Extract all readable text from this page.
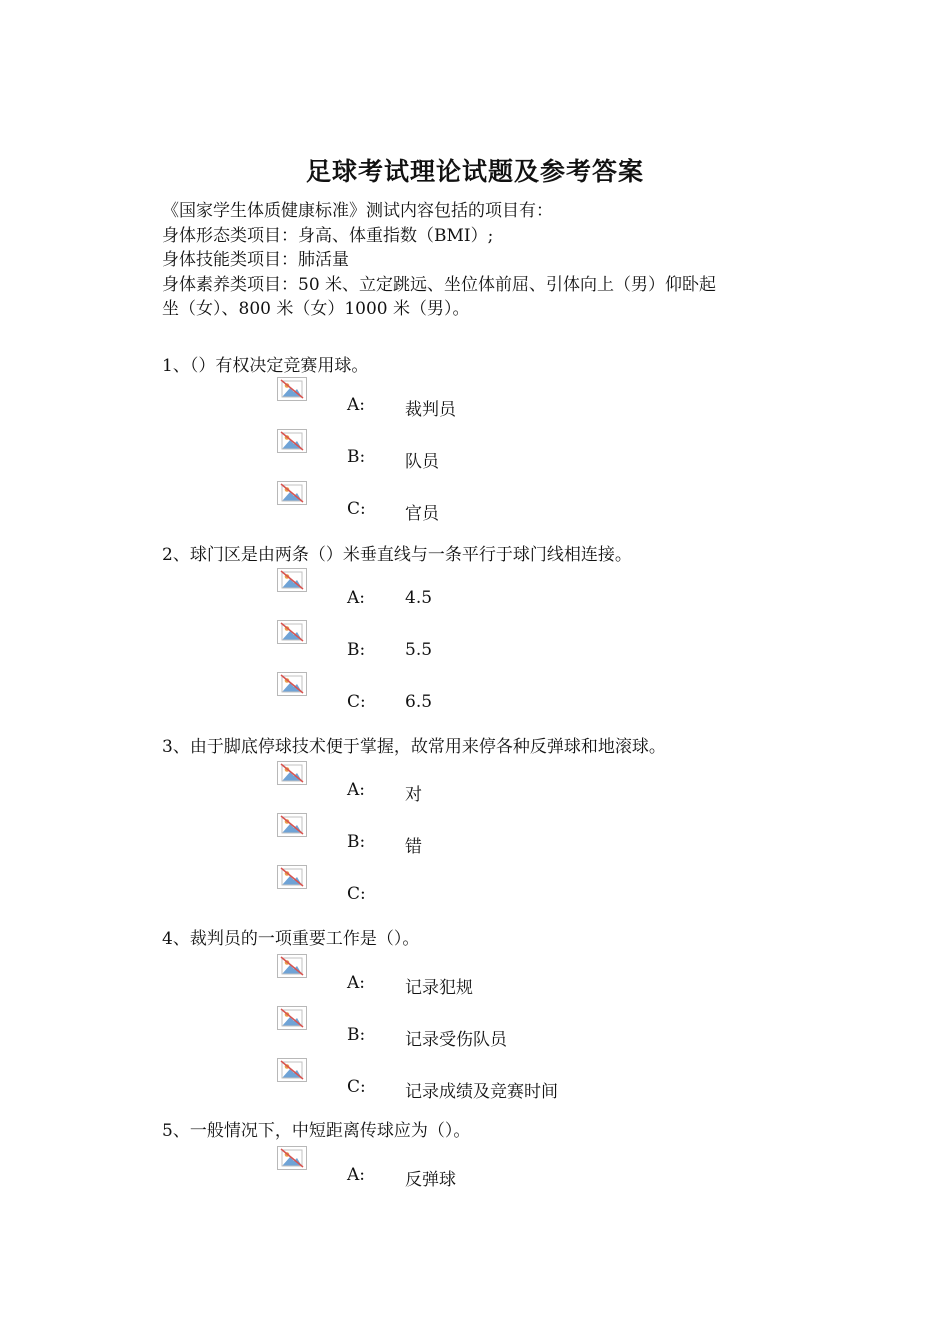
足球考试理论试题及参考答案
《国家学生体质健康标准》测试内容包括的项目有：
身体形态类项目：身高、体重指数（BMI）;
身体技能类项目：肺活量
身体素养类项目：50 米、立定跳远、坐位体前屈、引体向上（男）仰卧起
坐（女）、800 米（女）1000 米（男）。
1、（）有权决定竞赛用球。
A: 裁判员
B: 队员
C: 官员
2、球门区是由两条（）米垂直线与一条平行于球门线相连接。
A: 4.5
B: 5.5
C: 6.5
3、由于脚底停球技术便于掌握，故常用来停各种反弹球和地滚球。
A: 对
B: 错
C:
4、裁判员的一项重要工作是（）。
A: 记录犯规
B: 记录受伤队员
C: 记录成绩及竞赛时间
5、一般情况下，中短距离传球应为（）。
A: 反弹球
